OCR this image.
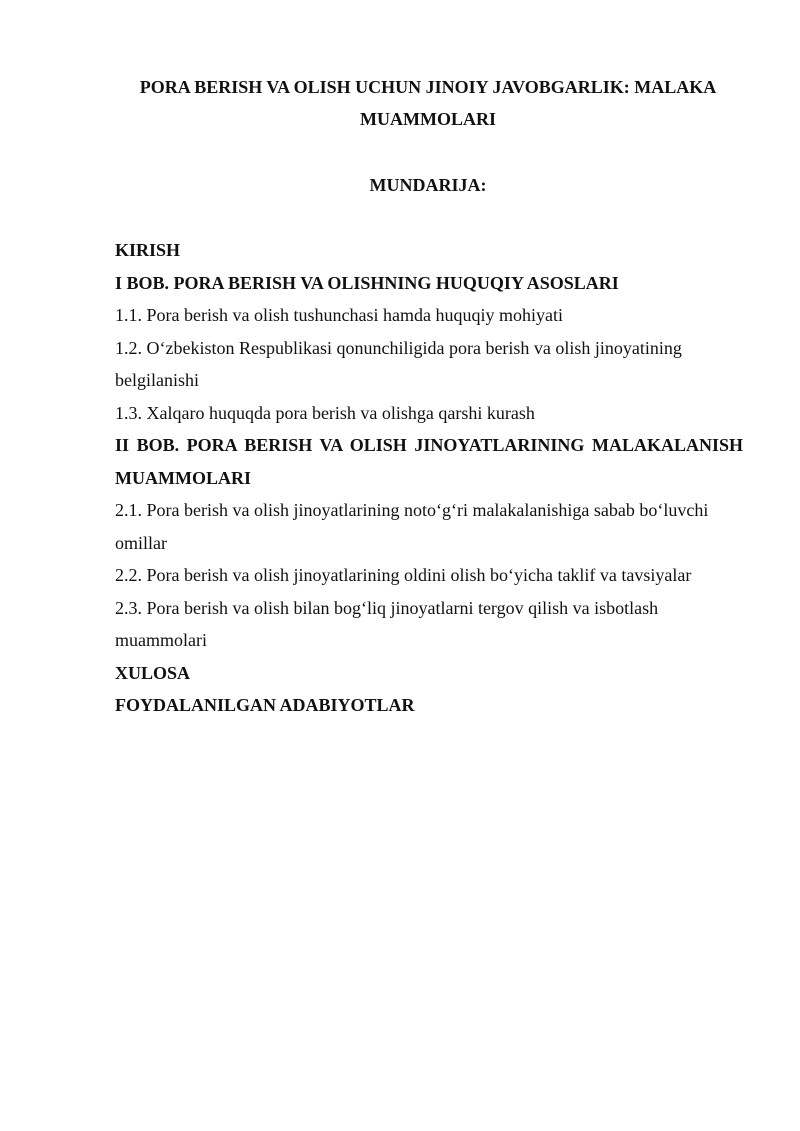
PORA BERISH VA OLISH UCHUN JINOIY JAVOBGARLIK: MALAKA MUAMMOLARI
MUNDARIJA:
KIRISH
I BOB. PORA BERISH VA OLISHNING HUQUQIY ASOSLARI
1.1. Pora berish va olish tushunchasi hamda huquqiy mohiyati
1.2. O‘zbekiston Respublikasi qonunchiligida pora berish va olish jinoyatining belgilanishi
1.3. Xalqaro huquqda pora berish va olishga qarshi kurash
II BOB. PORA BERISH VA OLISH JINOYATLARINING MALAKALANISH MUAMMOLARI
2.1. Pora berish va olish jinoyatlarining noto‘g‘ri malakalanishiga sabab bo‘luvchi omillar
2.2. Pora berish va olish jinoyatlarining oldini olish bo‘yicha taklif va tavsiyalar
2.3. Pora berish va olish bilan bog‘liq jinoyatlarni tergov qilish va isbotlash muammolari
XULOSA
FOYDALANILGAN ADABIYOTLAR
